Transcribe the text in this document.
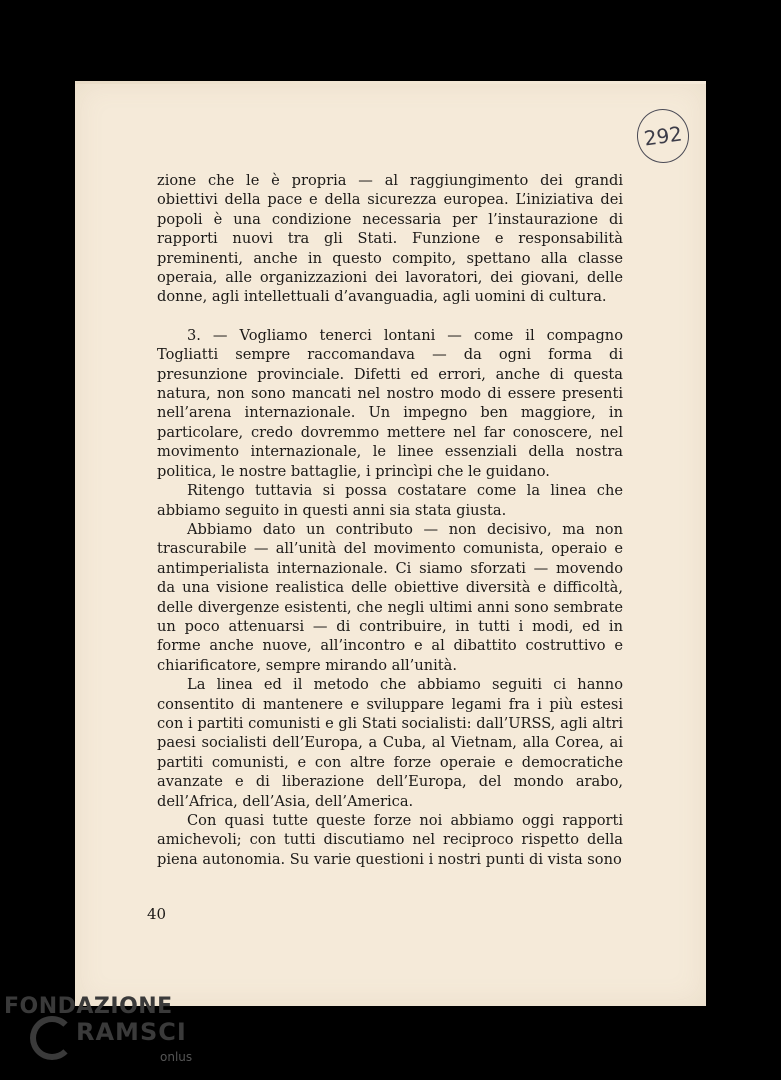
292

zione che le è propria — al raggiungimento dei grandi obiettivi della pace e della sicurezza europea. L’iniziativa dei popoli è una condizione necessaria per l’instaurazione di rapporti nuovi tra gli Stati. Funzione e responsabilità preminenti, anche in questo compito, spettano alla classe operaia, alle organizzazioni dei lavoratori, dei giovani, delle donne, agli intellettuali d’avanguadia, agli uomini di cultura.

3. — Vogliamo tenerci lontani — come il compagno Togliatti sempre raccomandava — da ogni forma di presunzione provinciale. Difetti ed errori, anche di questa natura, non sono mancati nel nostro modo di essere presenti nell’arena internazionale. Un impegno ben maggiore, in particolare, credo dovremmo mettere nel far conoscere, nel movimento internazionale, le linee essenziali della nostra politica, le nostre battaglie, i princìpi che le guidano.

Ritengo tuttavia si possa costatare come la linea che abbiamo seguito in questi anni sia stata giusta.

Abbiamo dato un contributo — non decisivo, ma non trascurabile — all’unità del movimento comunista, operaio e antimperialista internazionale. Ci siamo sforzati — movendo da una visione realistica delle obiettive diversità e difficoltà, delle divergenze esistenti, che negli ultimi anni sono sembrate un poco attenuarsi — di contribuire, in tutti i modi, ed in forme anche nuove, all’incontro e al dibattito costruttivo e chiarificatore, sempre mirando all’unità.

La linea ed il metodo che abbiamo seguiti ci hanno consentito di mantenere e sviluppare legami fra i più estesi con i partiti comunisti e gli Stati socialisti: dall’URSS, agli altri paesi socialisti dell’Europa, a Cuba, al Vietnam, alla Corea, ai partiti comunisti, e con altre forze operaie e democratiche avanzate e di liberazione dell’Europa, del mondo arabo, dell’Africa, dell’Asia, dell’America.

Con quasi tutte queste forze noi abbiamo oggi rapporti amichevoli; con tutti discutiamo nel reciproco rispetto della piena autonomia. Su varie questioni i nostri punti di vista sono

40
FONDAZIONE
RAMSCI
onlus
